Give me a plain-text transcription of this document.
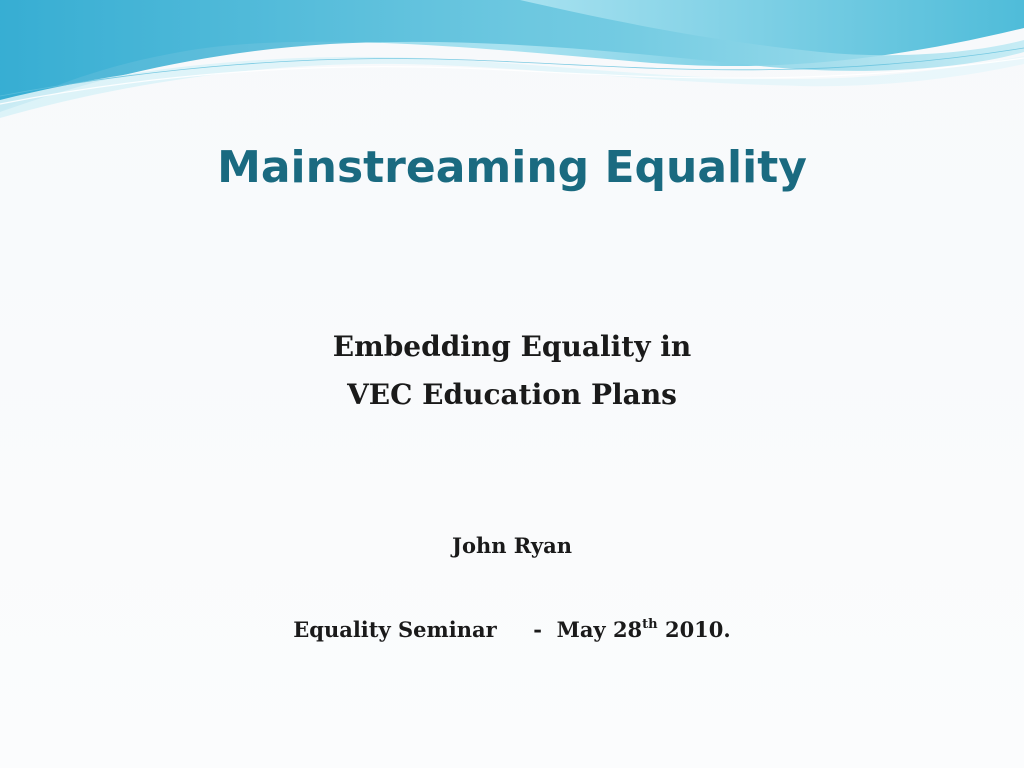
Mainstreaming Equality
Embedding Equality in
VEC Education Plans
John Ryan
Equality Seminar - May 28th 2010.
